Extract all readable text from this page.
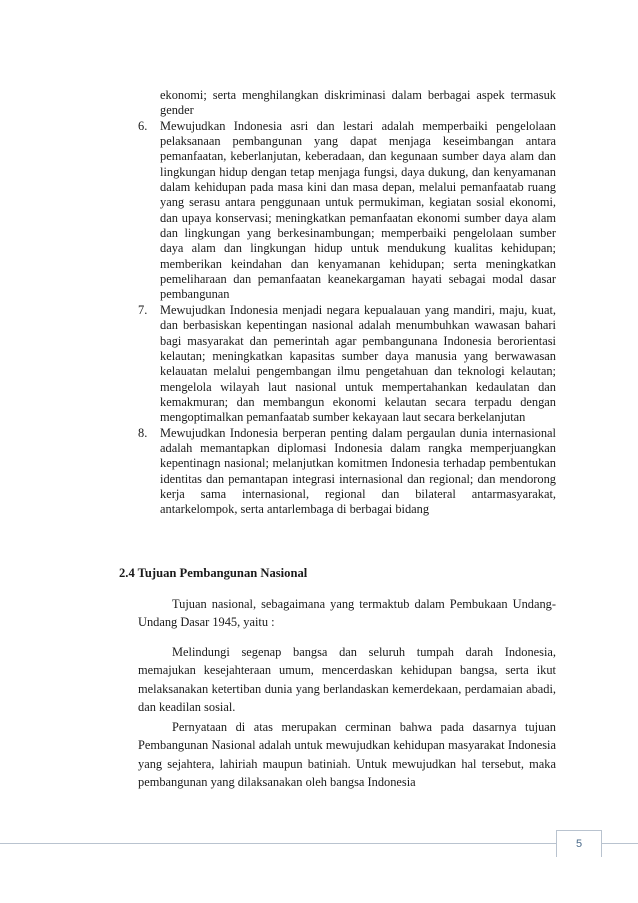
ekonomi; serta menghilangkan diskriminasi dalam berbagai aspek termasuk gender
6. Mewujudkan Indonesia asri dan lestari adalah memperbaiki pengelolaan pelaksanaan pembangunan yang dapat menjaga keseimbangan antara pemanfaatan, keberlanjutan, keberadaan, dan kegunaan sumber daya alam dan lingkungan hidup dengan tetap menjaga fungsi, daya dukung, dan kenyamanan dalam kehidupan pada masa kini dan masa depan, melalui pemanfaatab ruang yang serasu antara penggunaan untuk permukiman, kegiatan sosial ekonomi, dan upaya konservasi; meningkatkan pemanfaatan ekonomi sumber daya alam dan lingkungan yang berkesinambungan; memperbaiki pengelolaan sumber daya alam dan lingkungan hidup untuk mendukung kualitas kehidupan; memberikan keindahan dan kenyamanan kehidupan; serta meningkatkan pemeliharaan dan pemanfaatan keanekargaman hayati sebagai modal dasar pembangunan
7. Mewujudkan Indonesia menjadi negara kepualauan yang mandiri, maju, kuat, dan berbasiskan kepentingan nasional adalah menumbuhkan wawasan bahari bagi masyarakat dan pemerintah agar pembangunana Indonesia berorientasi kelautan; meningkatkan kapasitas sumber daya manusia yang berwawasan kelauatan melalui pengembangan ilmu pengetahuan dan teknologi kelautan; mengelola wilayah laut nasional untuk mempertahankan kedaulatan dan kemakmuran; dan membangun ekonomi kelautan secara terpadu dengan mengoptimalkan pemanfaatab sumber kekayaan laut secara berkelanjutan
8. Mewujudkan Indonesia berperan penting dalam pergaulan dunia internasional adalah memantapkan diplomasi Indonesia dalam rangka memperjuangkan kepentinagn nasional; melanjutkan komitmen Indonesia terhadap pembentukan identitas dan pemantapan integrasi internasional dan regional; dan mendorong kerja sama internasional, regional dan bilateral antarmasyarakat, antarkelompok, serta antarlembaga di berbagai bidang
2.4 Tujuan Pembangunan Nasional

Tujuan nasional, sebagaimana yang termaktub dalam Pembukaan Undang-Undang Dasar 1945, yaitu :

Melindungi segenap bangsa dan seluruh tumpah darah Indonesia, memajukan kesejahteraan umum, mencerdaskan kehidupan bangsa, serta ikut melaksanakan ketertiban dunia yang berlandaskan kemerdekaan, perdamaian abadi, dan keadilan sosial.

Pernyataan di atas merupakan cerminan bahwa pada dasarnya tujuan Pembangunan Nasional adalah untuk mewujudkan kehidupan masyarakat Indonesia yang sejahtera, lahiriah maupun batiniah. Untuk mewujudkan hal tersebut, maka pembangunan yang dilaksanakan oleh bangsa Indonesia

5
